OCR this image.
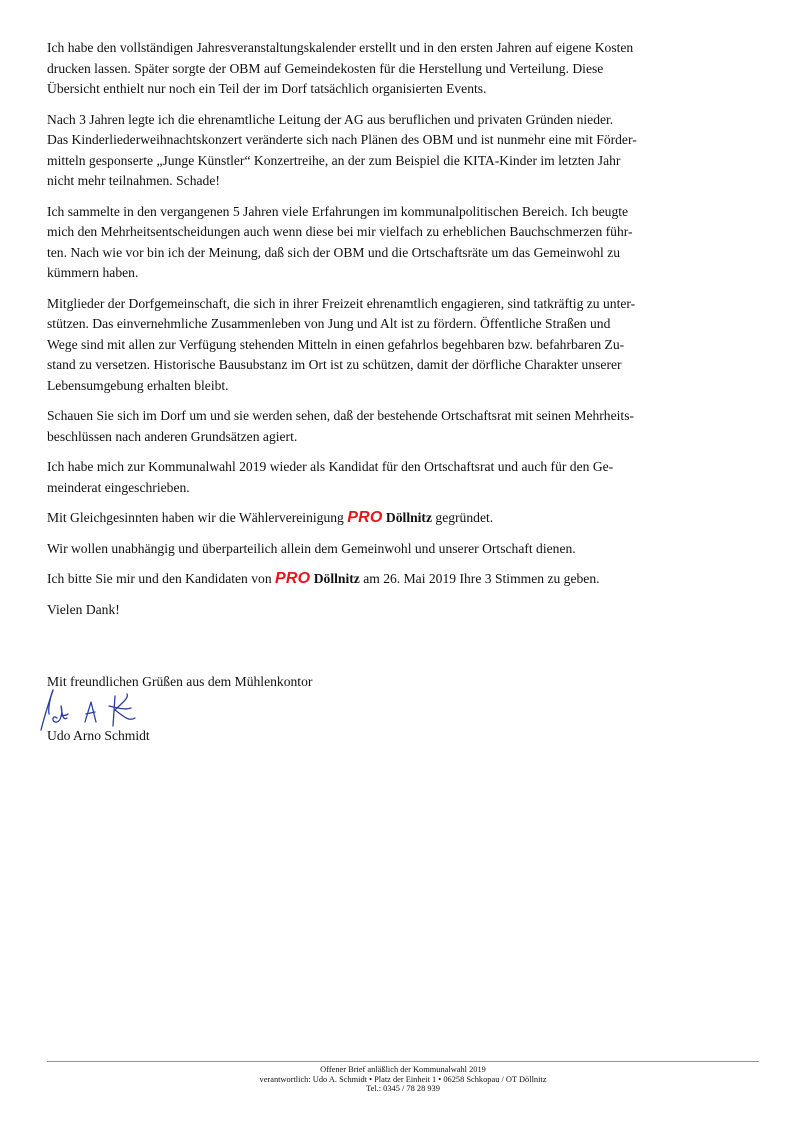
Ich habe den vollständigen Jahresveranstaltungskalender erstellt und in den ersten Jahren auf eigene Kosten
drucken lassen. Später sorgte der OBM auf Gemeindekosten für die Herstellung und Verteilung. Diese
Übersicht enthielt nur noch ein Teil der im Dorf tatsächlich organisierten Events.

Nach 3 Jahren legte ich die ehrenamtliche Leitung der AG aus beruflichen und privaten Gründen nieder.
Das Kinderliederweihnachtskonzert veränderte sich nach Plänen des OBM und ist nunmehr eine mit Förder-
mitteln gesponserte „Junge Künstler“ Konzertreihe, an der zum Beispiel die KITA-Kinder im letzten Jahr
nicht mehr teilnahmen. Schade!

Ich sammelte in den vergangenen 5 Jahren viele Erfahrungen im kommunalpolitischen Bereich. Ich beugte
mich den Mehrheitsentscheidungen auch wenn diese bei mir vielfach zu erheblichen Bauchschmerzen führ-
ten. Nach wie vor bin ich der Meinung, daß sich der OBM und die Ortschaftsräte um das Gemeinwohl zu
kümmern haben.

Mitglieder der Dorfgemeinschaft, die sich in ihrer Freizeit ehrenamtlich engagieren, sind tatkräftig zu unter-
stützen. Das einvernehmliche Zusammenleben von Jung und Alt ist zu fördern. Öffentliche Straßen und
Wege sind mit allen zur Verfügung stehenden Mitteln in einen gefahrlos begehbaren bzw. befahrbaren Zu-
stand zu versetzen. Historische Bausubstanz im Ort ist zu schützen, damit der dörfliche Charakter unserer
Lebensumgebung erhalten bleibt.

Schauen Sie sich im Dorf um und sie werden sehen, daß der bestehende Ortschaftsrat mit seinen Mehrheits-
beschlüssen nach anderen Grundsätzen agiert.

Ich habe mich zur Kommunalwahl 2019 wieder als Kandidat für den Ortschaftsrat und auch für den Ge-
meinderat eingeschrieben.

Mit Gleichgesinnten haben wir die Wählervereinigung PRO Döllnitz gegründet.

Wir wollen unabhängig und überparteilich allein dem Gemeinwohl und unserer Ortschaft dienen.

Ich bitte Sie mir und den Kandidaten von PRO Döllnitz am 26. Mai 2019 Ihre 3 Stimmen zu geben.

Vielen Dank!

Mit freundlichen Grüßen aus dem Mühlenkontor
Udo Arno Schmidt
Offener Brief anläßlich der Kommunalwahl 2019
verantwortlich: Udo A. Schmidt • Platz der Einheit 1 • 06258 Schkopau / OT Döllnitz
Tel.: 0345 / 78 28 939
